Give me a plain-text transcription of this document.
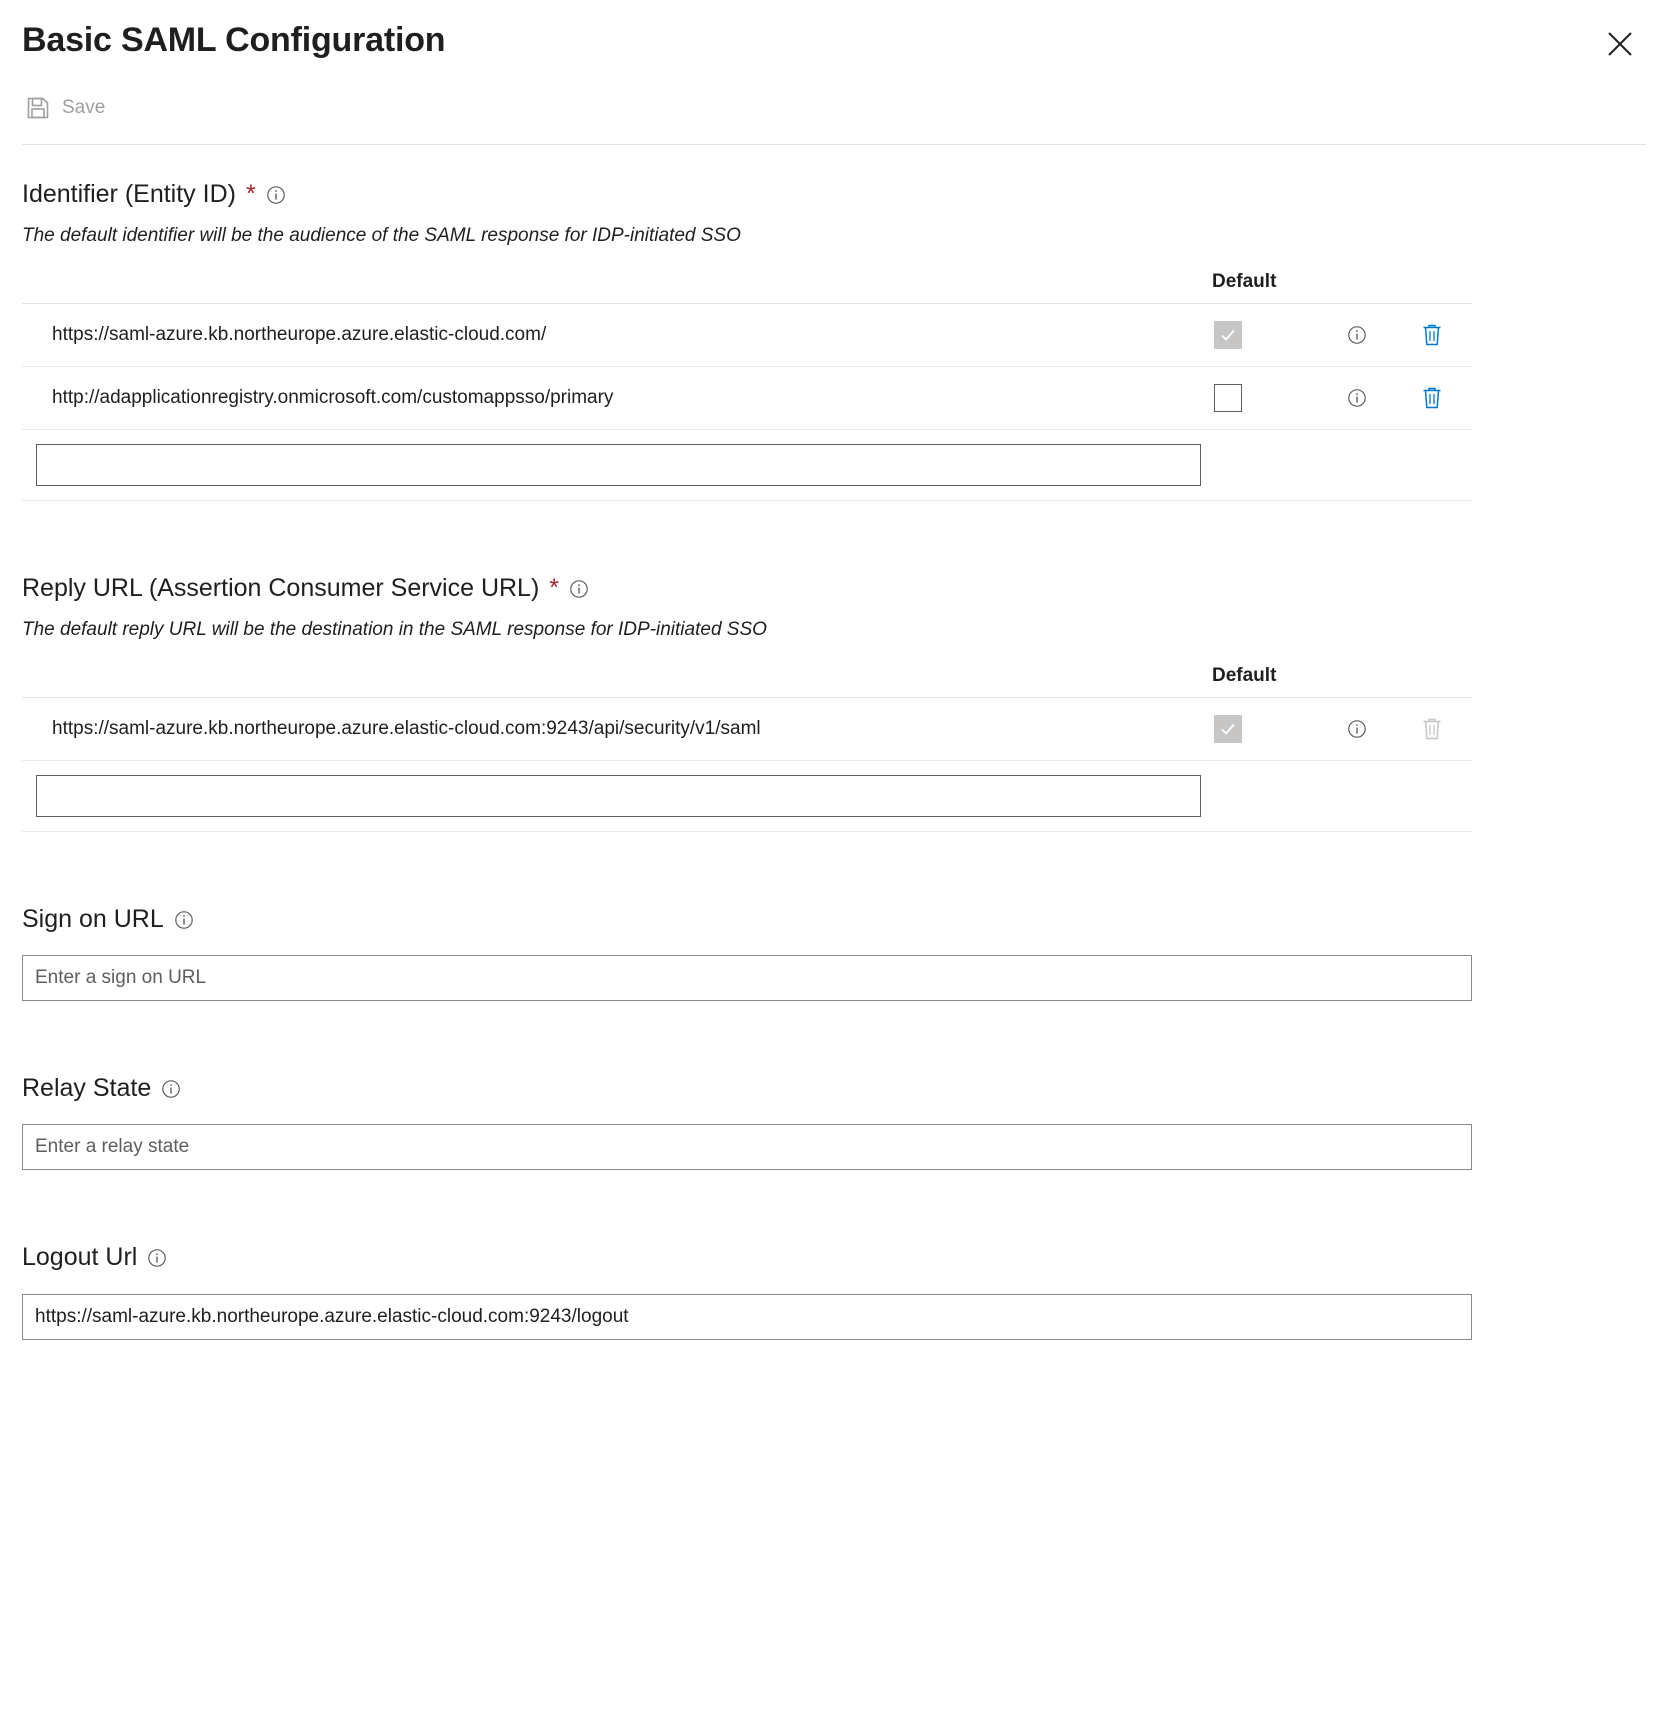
Basic SAML Configuration
Save
Identifier (Entity ID) *
The default identifier will be the audience of the SAML response for IDP-initiated SSO
Default
https://saml-azure.kb.northeurope.azure.elastic-cloud.com/
http://adapplicationregistry.onmicrosoft.com/customappsso/primary
Reply URL (Assertion Consumer Service URL) *
The default reply URL will be the destination in the SAML response for IDP-initiated SSO
Default
https://saml-azure.kb.northeurope.azure.elastic-cloud.com:9243/api/security/v1/saml
Sign on URL
Enter a sign on URL
Relay State
Enter a relay state
Logout Url
https://saml-azure.kb.northeurope.azure.elastic-cloud.com:9243/logout
